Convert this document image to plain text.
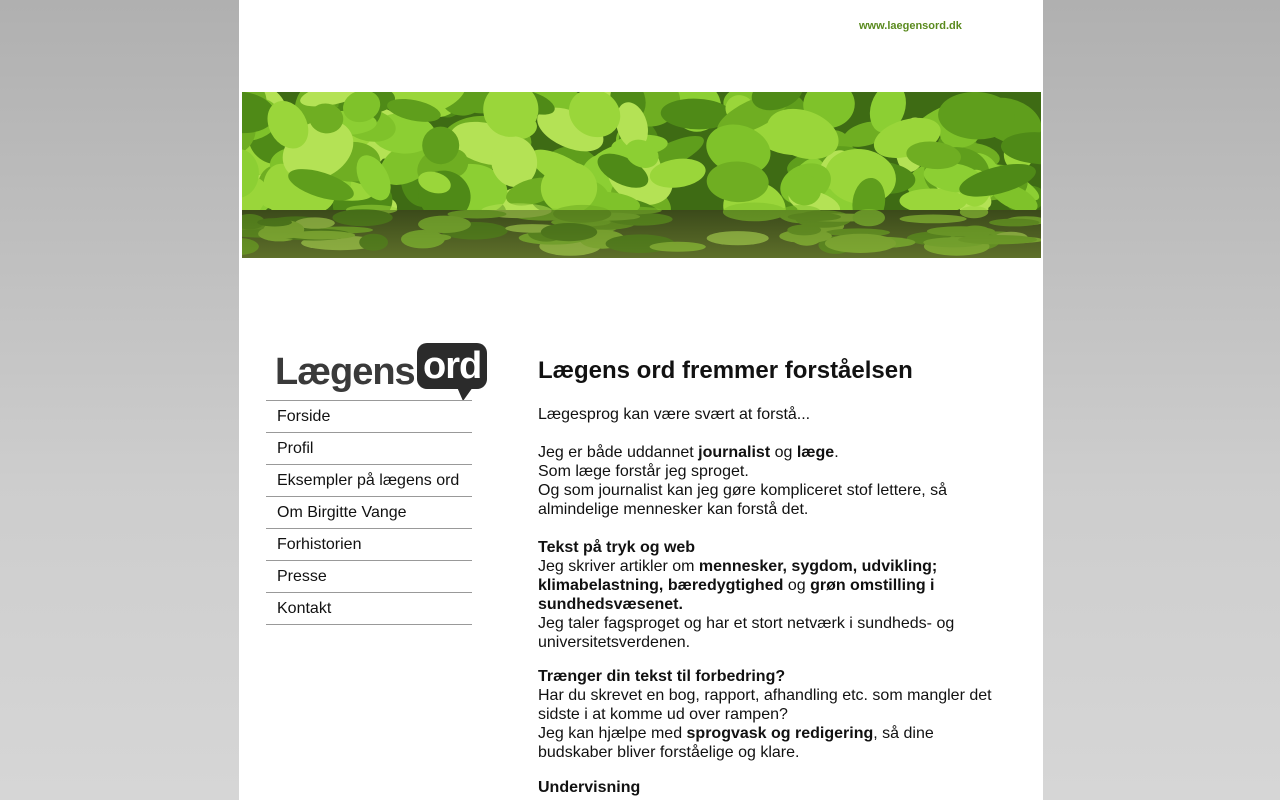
www.laegensord.dk
Lægens ord
Forside
Profil
Eksempler på lægens ord
Om Birgitte Vange
Forhistorien
Presse
Kontakt
Lægens ord fremmer forståelsen

Lægesprog kan være svært at forstå...

Jeg er både uddannet journalist og læge.

Som læge forstår jeg sproget.

Og som journalist kan jeg gøre kompliceret stof lettere, så almindelige mennesker kan forstå det.

Tekst på tryk og web

Jeg skriver artikler om mennesker, sygdom, udvikling; klimabelastning, bæredygtighed og grøn omstilling i sundhedsvæsenet.

Jeg taler fagsproget og har et stort netværk i sundheds- og universitetsverdenen.

Trænger din tekst til forbedring?

Har du skrevet en bog, rapport, afhandling etc. som mangler det sidste i at komme ud over rampen?

Jeg kan hjælpe med sprogvask og redigering, så dine budskaber bliver forståelige og klare.

Undervisning
